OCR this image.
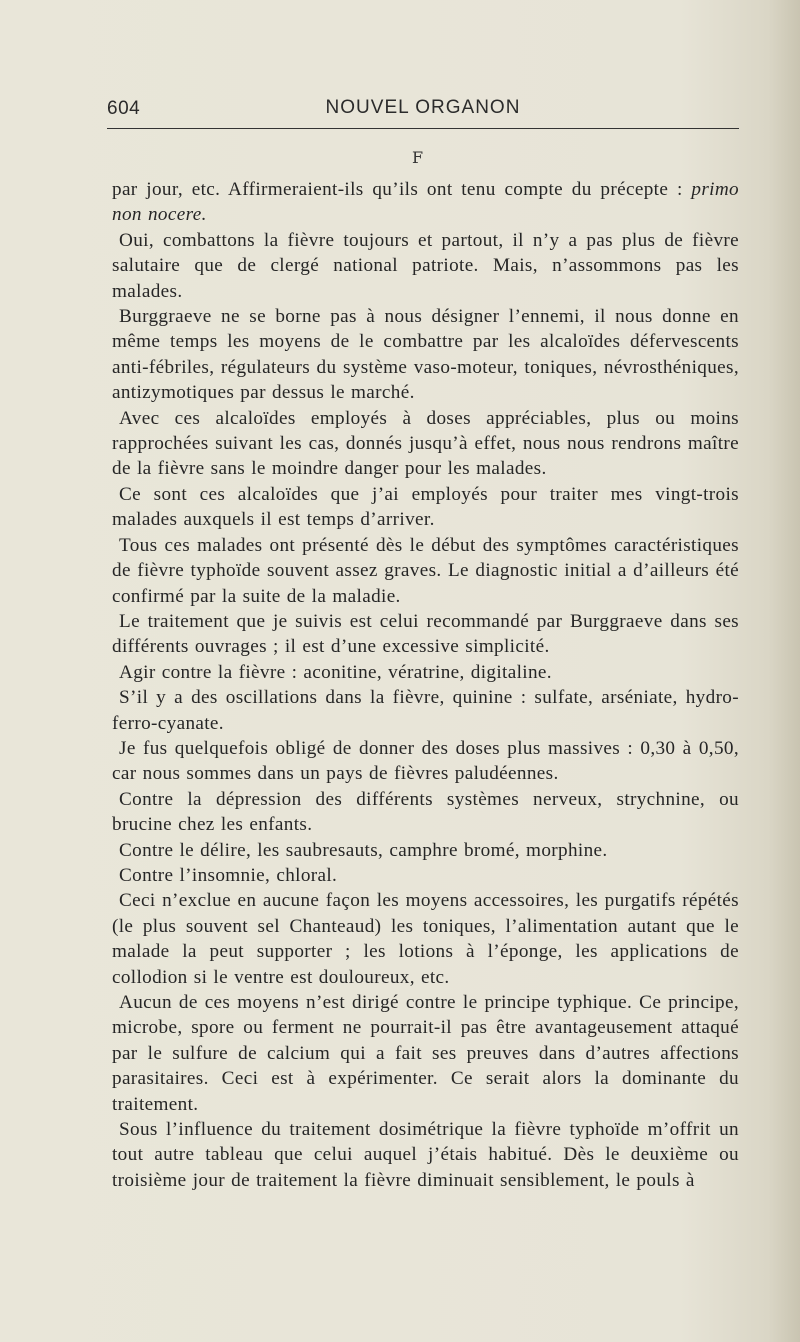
604	NOUVEL ORGANON
F

par jour, etc. Affirmeraient-ils qu’ils ont tenu compte du précepte : primo non nocere.

Oui, combattons la fièvre toujours et partout, il n’y a pas plus de fièvre salutaire que de clergé national patriote. Mais, n’assommons pas les malades.

Burggraeve ne se borne pas à nous désigner l’ennemi, il nous donne en même temps les moyens de le combattre par les alcaloïdes défervescents anti-fébriles, régulateurs du système vaso-moteur, toniques, névrosthéniques, antizymotiques par dessus le marché.

Avec ces alcaloïdes employés à doses appréciables, plus ou moins rapprochées suivant les cas, donnés jusqu’à effet, nous nous rendrons maître de la fièvre sans le moindre danger pour les malades.

Ce sont ces alcaloïdes que j’ai employés pour traiter mes vingt-trois malades auxquels il est temps d’arriver.

Tous ces malades ont présenté dès le début des symptômes caractéristiques de fièvre typhoïde souvent assez graves. Le diagnostic initial a d’ailleurs été confirmé par la suite de la maladie.

Le traitement que je suivis est celui recommandé par Burggraeve dans ses différents ouvrages ; il est d’une excessive simplicité.

Agir contre la fièvre : aconitine, vératrine, digitaline.

S’il y a des oscillations dans la fièvre, quinine : sulfate, arséniate, hydro-ferro-cyanate.

Je fus quelquefois obligé de donner des doses plus massives : 0,30 à 0,50, car nous sommes dans un pays de fièvres paludéennes.

Contre la dépression des différents systèmes nerveux, strychnine, ou brucine chez les enfants.

Contre le délire, les saubresauts, camphre bromé, morphine.

Contre l’insomnie, chloral.

Ceci n’exclue en aucune façon les moyens accessoires, les purgatifs répétés (le plus souvent sel Chanteaud) les toniques, l’alimentation autant que le malade la peut supporter ; les lotions à l’éponge, les applications de collodion si le ventre est douloureux, etc.

Aucun de ces moyens n’est dirigé contre le principe typhique. Ce principe, microbe, spore ou ferment ne pourrait-il pas être avantageusement attaqué par le sulfure de calcium qui a fait ses preuves dans d’autres affections parasitaires. Ceci est à expérimenter. Ce serait alors la dominante du traitement.

Sous l’influence du traitement dosimétrique la fièvre typhoïde m’offrit un tout autre tableau que celui auquel j’étais habitué. Dès le deuxième ou troisième jour de traitement la fièvre diminuait sensiblement, le pouls à
